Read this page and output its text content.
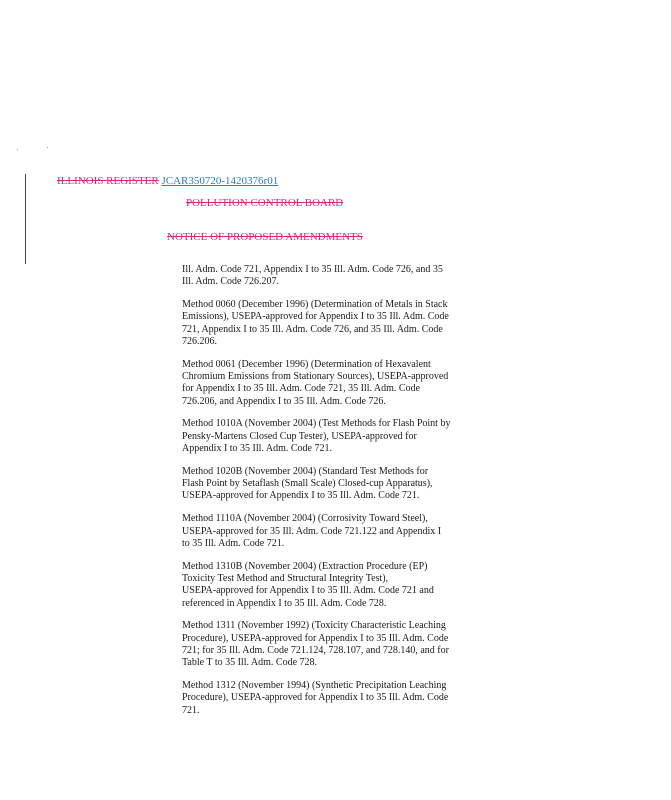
ILLINOIS REGISTER JCAR350720-1420376r01
POLLUTION CONTROL BOARD
NOTICE OF PROPOSED AMENDMENTS
Ill. Adm. Code 721, Appendix I to 35 Ill. Adm. Code 726, and 35
Ill. Adm. Code 726.207.
Method 0060 (December 1996) (Determination of Metals in Stack
Emissions), USEPA-approved for Appendix I to 35 Ill. Adm. Code
721, Appendix I to 35 Ill. Adm. Code 726, and 35 Ill. Adm. Code
726.206.
Method 0061 (December 1996) (Determination of Hexavalent
Chromium Emissions from Stationary Sources), USEPA-approved
for Appendix I to 35 Ill. Adm. Code 721, 35 Ill. Adm. Code
726.206, and Appendix I to 35 Ill. Adm. Code 726.
Method 1010A (November 2004) (Test Methods for Flash Point by
Pensky-Martens Closed Cup Tester), USEPA-approved for
Appendix I to 35 Ill. Adm. Code 721.
Method 1020B (November 2004) (Standard Test Methods for
Flash Point by Setaflash (Small Scale) Closed-cup Apparatus),
USEPA-approved for Appendix I to 35 Ill. Adm. Code 721.
Method 1110A (November 2004) (Corrosivity Toward Steel),
USEPA-approved for 35 Ill. Adm. Code 721.122 and Appendix I
to 35 Ill. Adm. Code 721.
Method 1310B (November 2004) (Extraction Procedure (EP)
Toxicity Test Method and Structural Integrity Test),
USEPA-approved for Appendix I to 35 Ill. Adm. Code 721 and
referenced in Appendix I to 35 Ill. Adm. Code 728.
Method 1311 (November 1992) (Toxicity Characteristic Leaching
Procedure), USEPA-approved for Appendix I to 35 Ill. Adm. Code
721; for 35 Ill. Adm. Code 721.124, 728.107, and 728.140, and for
Table T to 35 Ill. Adm. Code 728.
Method 1312 (November 1994) (Synthetic Precipitation Leaching
Procedure), USEPA-approved for Appendix I to 35 Ill. Adm. Code
721.
